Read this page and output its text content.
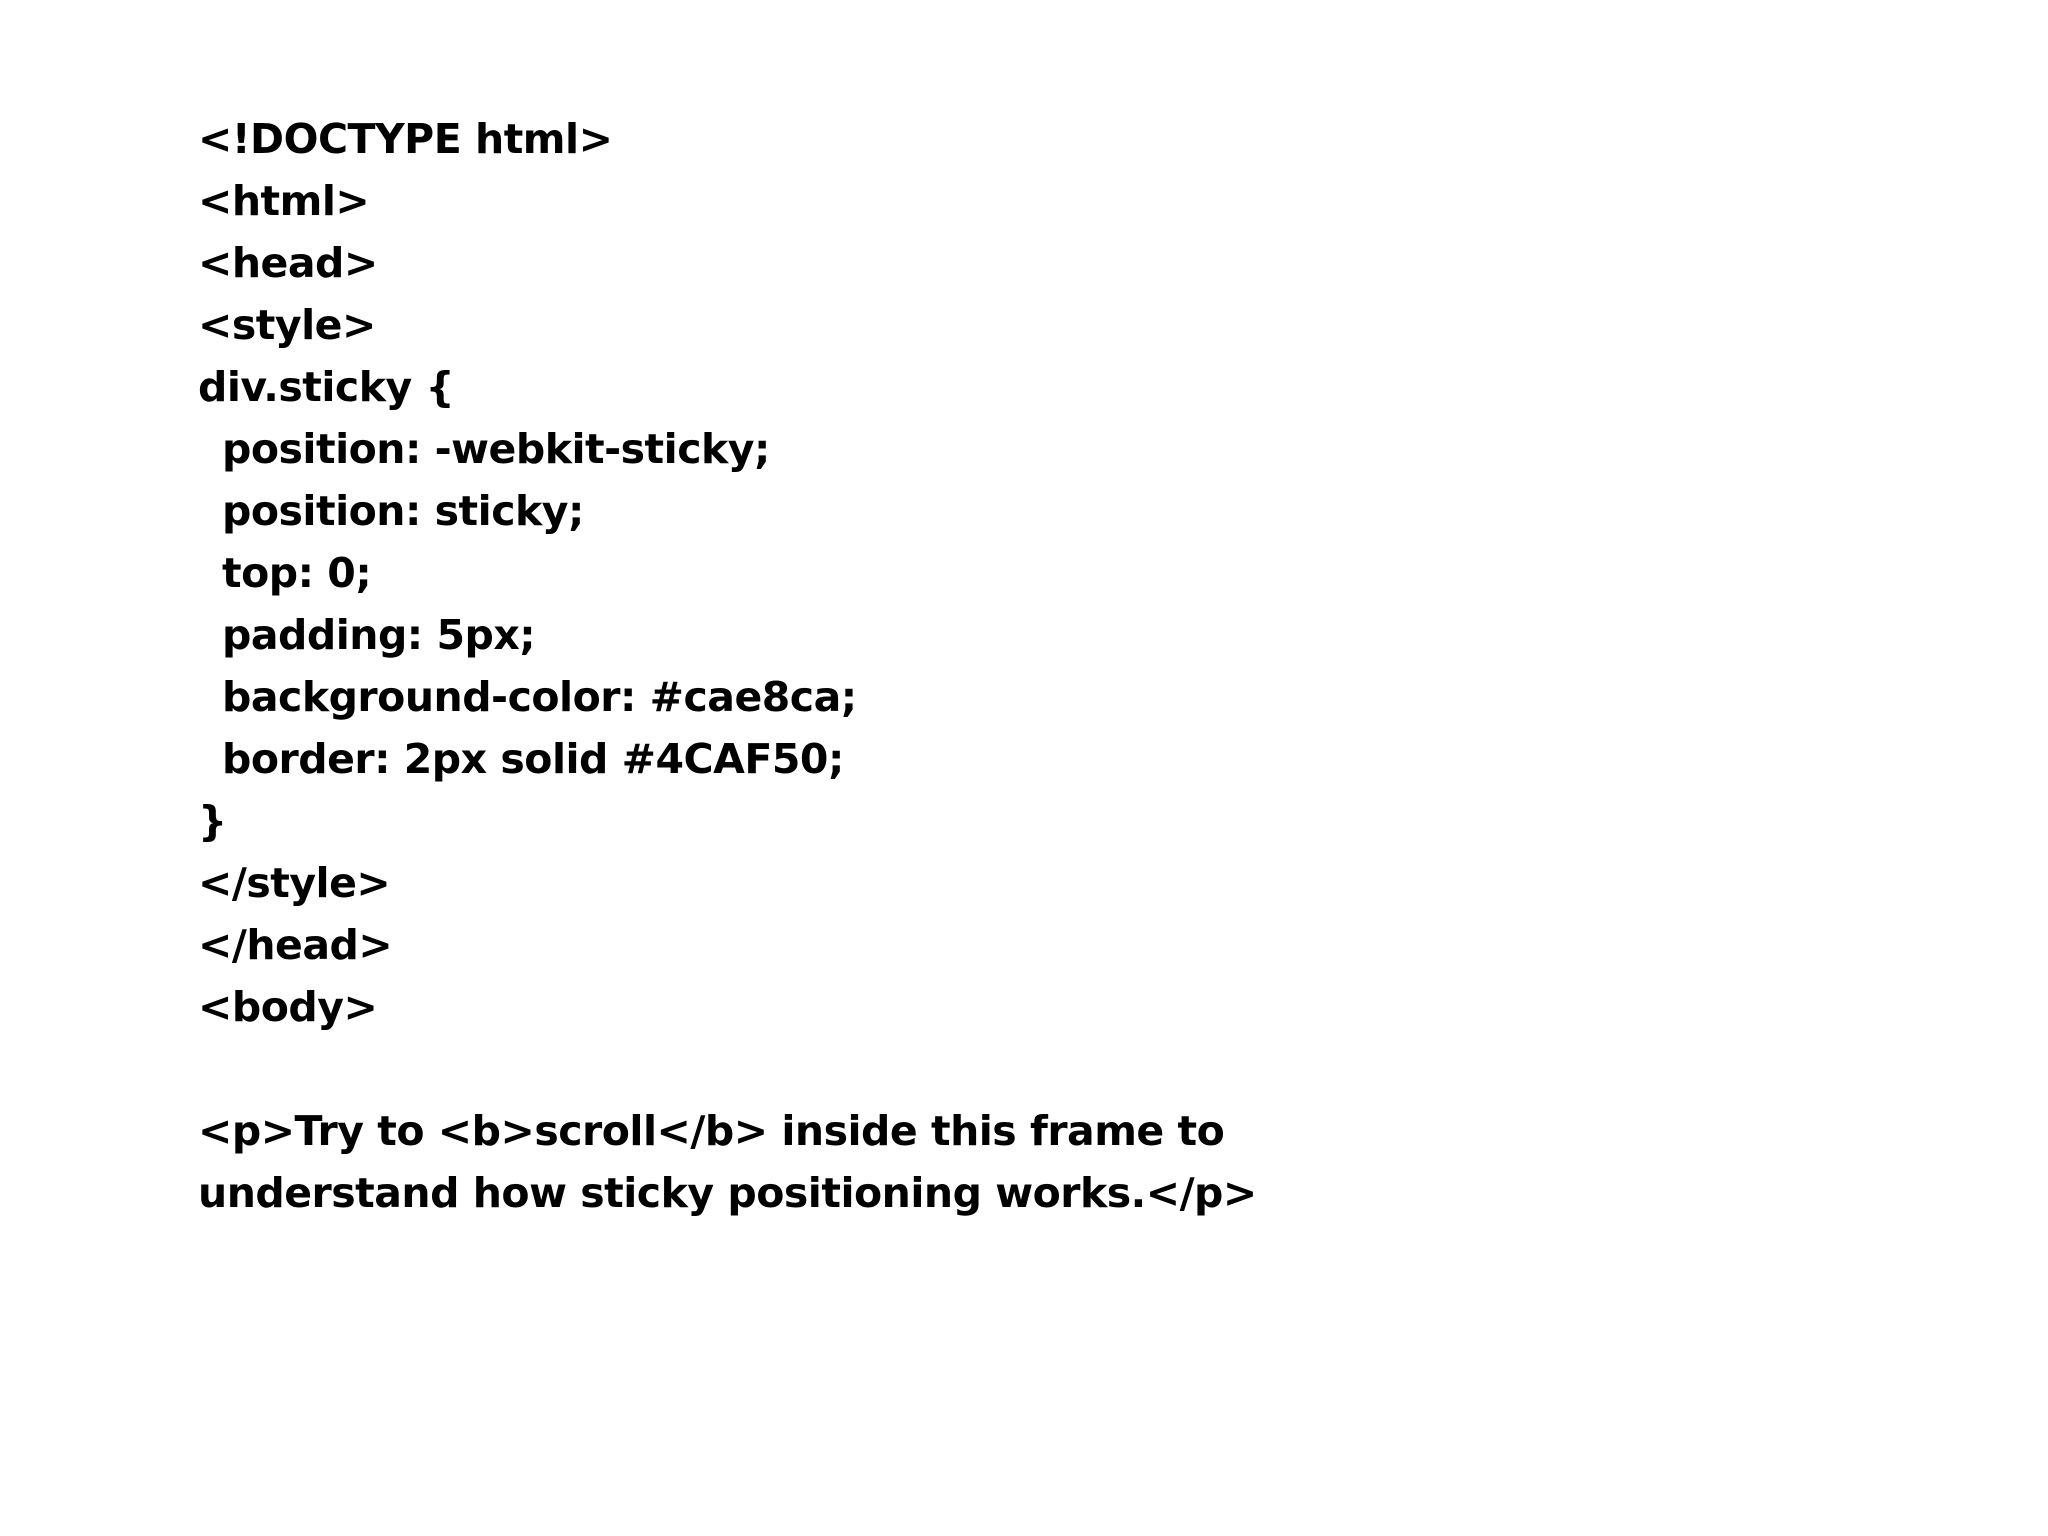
<!DOCTYPE html>
<html>
<head>
<style>
div.sticky {
position: -webkit-sticky;
position: sticky;
top: 0;
padding: 5px;
background-color: #cae8ca;
border: 2px solid #4CAF50;
}
</style>
</head>
<body>
<p>Try to <b>scroll</b> inside this frame to
understand how sticky positioning works.</p>
